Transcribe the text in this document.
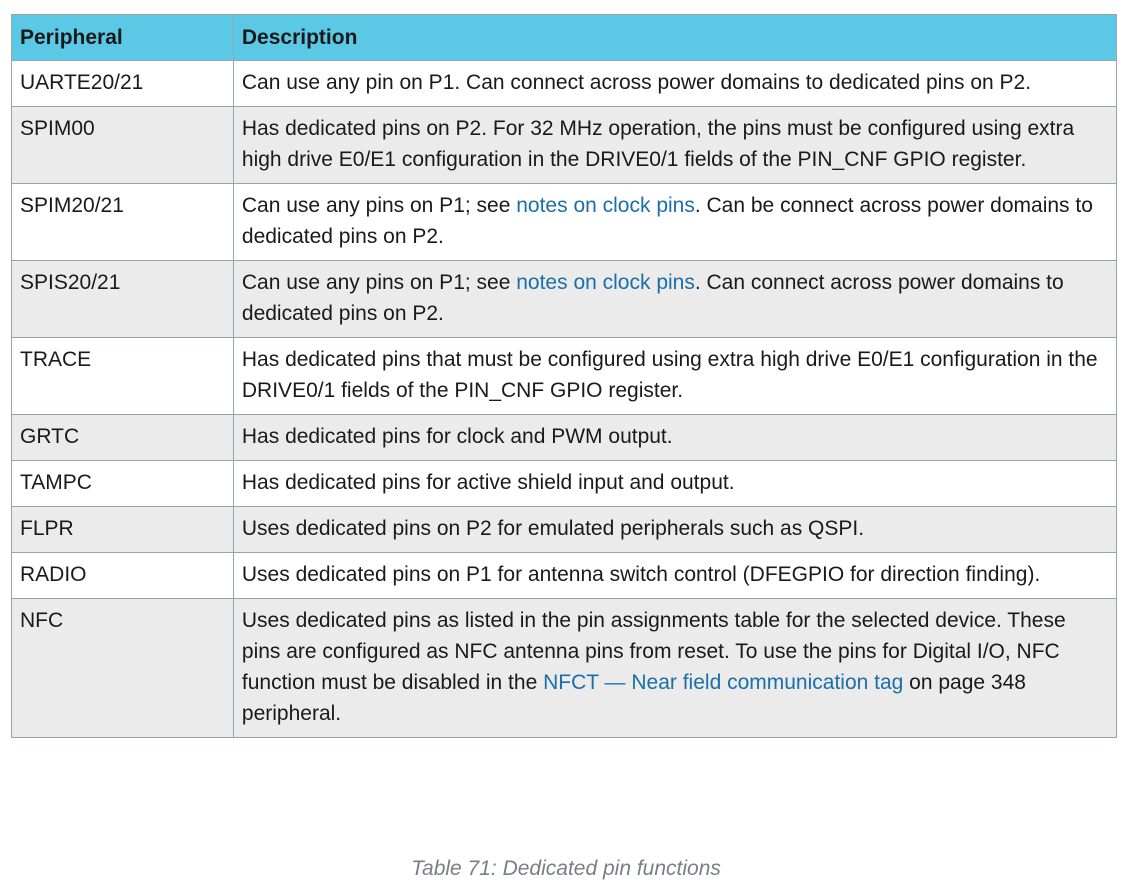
Peripheral	Description
UARTE20/21	Can use any pin on P1. Can connect across power domains to dedicated pins on P2.
SPIM00	Has dedicated pins on P2. For 32 MHz operation, the pins must be configured using extra high drive E0/E1 configuration in the DRIVE0/1 fields of the PIN_CNF GPIO register.
SPIM20/21	Can use any pins on P1; see notes on clock pins. Can be connect across power domains to dedicated pins on P2.
SPIS20/21	Can use any pins on P1; see notes on clock pins. Can connect across power domains to dedicated pins on P2.
TRACE	Has dedicated pins that must be configured using extra high drive E0/E1 configuration in the DRIVE0/1 fields of the PIN_CNF GPIO register.
GRTC	Has dedicated pins for clock and PWM output.
TAMPC	Has dedicated pins for active shield input and output.
FLPR	Uses dedicated pins on P2 for emulated peripherals such as QSPI.
RADIO	Uses dedicated pins on P1 for antenna switch control (DFEGPIO for direction finding).
NFC	Uses dedicated pins as listed in the pin assignments table for the selected device. These pins are configured as NFC antenna pins from reset. To use the pins for Digital I/O, NFC function must be disabled in the NFCT — Near field communication tag on page 348 peripheral.
Table 71: Dedicated pin functions
